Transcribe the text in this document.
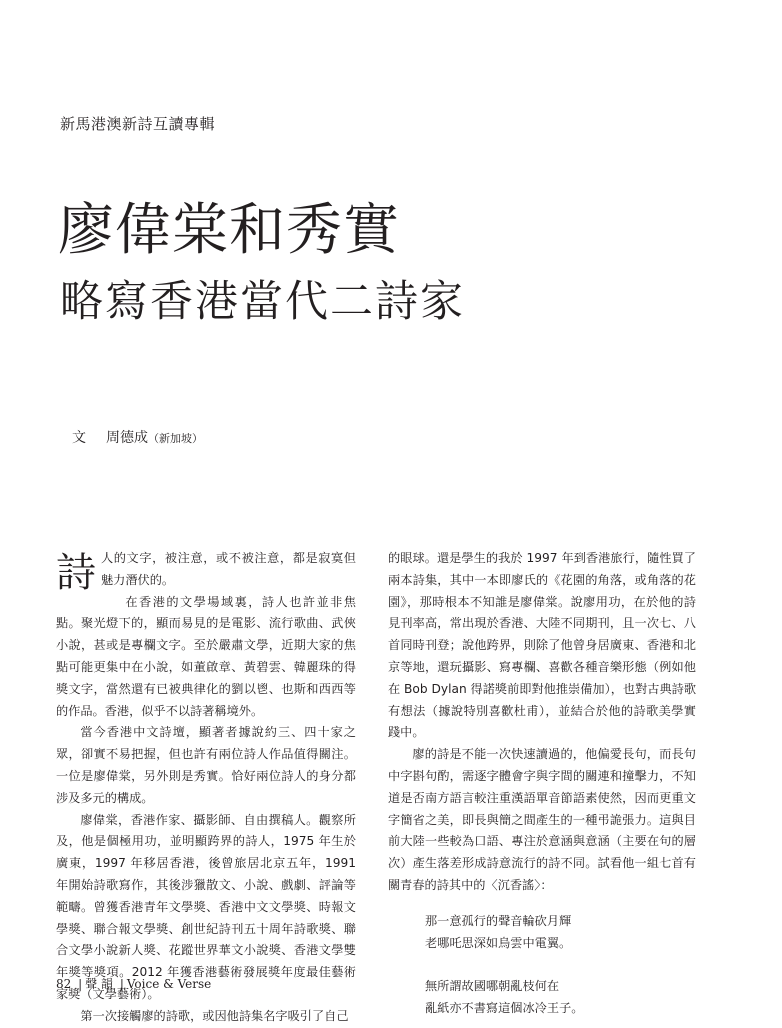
新馬港澳新詩互讀專輯
廖偉棠和秀實
略寫香港當代二詩家
文 周德成（新加坡）

詩人的文字，被注意，或不被注意，都是寂寞但魅力潛伏的。

在香港的文學場域裏，詩人也許並非焦點。聚光燈下的，顯而易見的是電影、流行歌曲、武俠小說，甚或是專欄文字。至於嚴肅文學，近期大家的焦點可能更集中在小說，如董啟章、黃碧雲、韓麗珠的得獎文字，當然還有已被典律化的劉以鬯、也斯和西西等的作品。香港，似乎不以詩著稱境外。

當今香港中文詩壇，顯著者據說約三、四十家之眾，卻實不易把握，但也許有兩位詩人作品值得關注。一位是廖偉棠，另外則是秀實。恰好兩位詩人的身分都涉及多元的構成。

廖偉棠，香港作家、攝影師、自由撰稿人。觀察所及，他是個極用功，並明顯跨界的詩人，1975 年生於廣東，1997 年移居香港，後曾旅居北京五年，1991 年開始詩歌寫作，其後涉獵散文、小說、戲劇、評論等範疇。曾獲香港青年文學獎、香港中文文學獎、時報文學獎、聯合報文學獎、創世紀詩刊五十周年詩歌獎、聯合文學小說新人獎、花蹤世界華文小說獎、香港文學雙年獎等獎項。2012 年獲香港藝術發展獎年度最佳藝術家獎（文學藝術）。

第一次接觸廖的詩歌，或因他詩集名字吸引了自己

的眼球。還是學生的我於 1997 年到香港旅行，隨性買了兩本詩集，其中一本即廖氏的《花園的角落，或角落的花園》，那時根本不知誰是廖偉棠。說廖用功，在於他的詩見刊率高，常出現於香港、大陸不同期刊，且一次七、八首同時刊登；說他跨界，則除了他曾身居廣東、香港和北京等地，還玩攝影、寫專欄、喜歡各種音樂形態（例如他在 Bob Dylan 得諾獎前即對他推崇備加），也對古典詩歌有想法（據說特別喜歡杜甫），並結合於他的詩歌美學實踐中。

廖的詩是不能一次快速讀過的，他偏愛長句，而長句中字斟句酌，需逐字體會字與字間的關連和撞擊力，不知道是否南方語言較注重漢語單音節語素使然，因而更重文字簡省之美，即長與簡之間產生的一種弔詭張力。這與目前大陸一些較為口語、專注於意涵與意涵（主要在句的層次）產生落差形成詩意流行的詩不同。試看他一組七首有關青春的詩其中的〈沉香謠〉：

那一意孤行的聲音輪砍月輝

老哪吒思深如烏雲中電翼。

無所謂故國哪朝亂枝何在

亂紙亦不書寫這個冰冷王子。

82 | 聲 韻 | Voice & Verse
